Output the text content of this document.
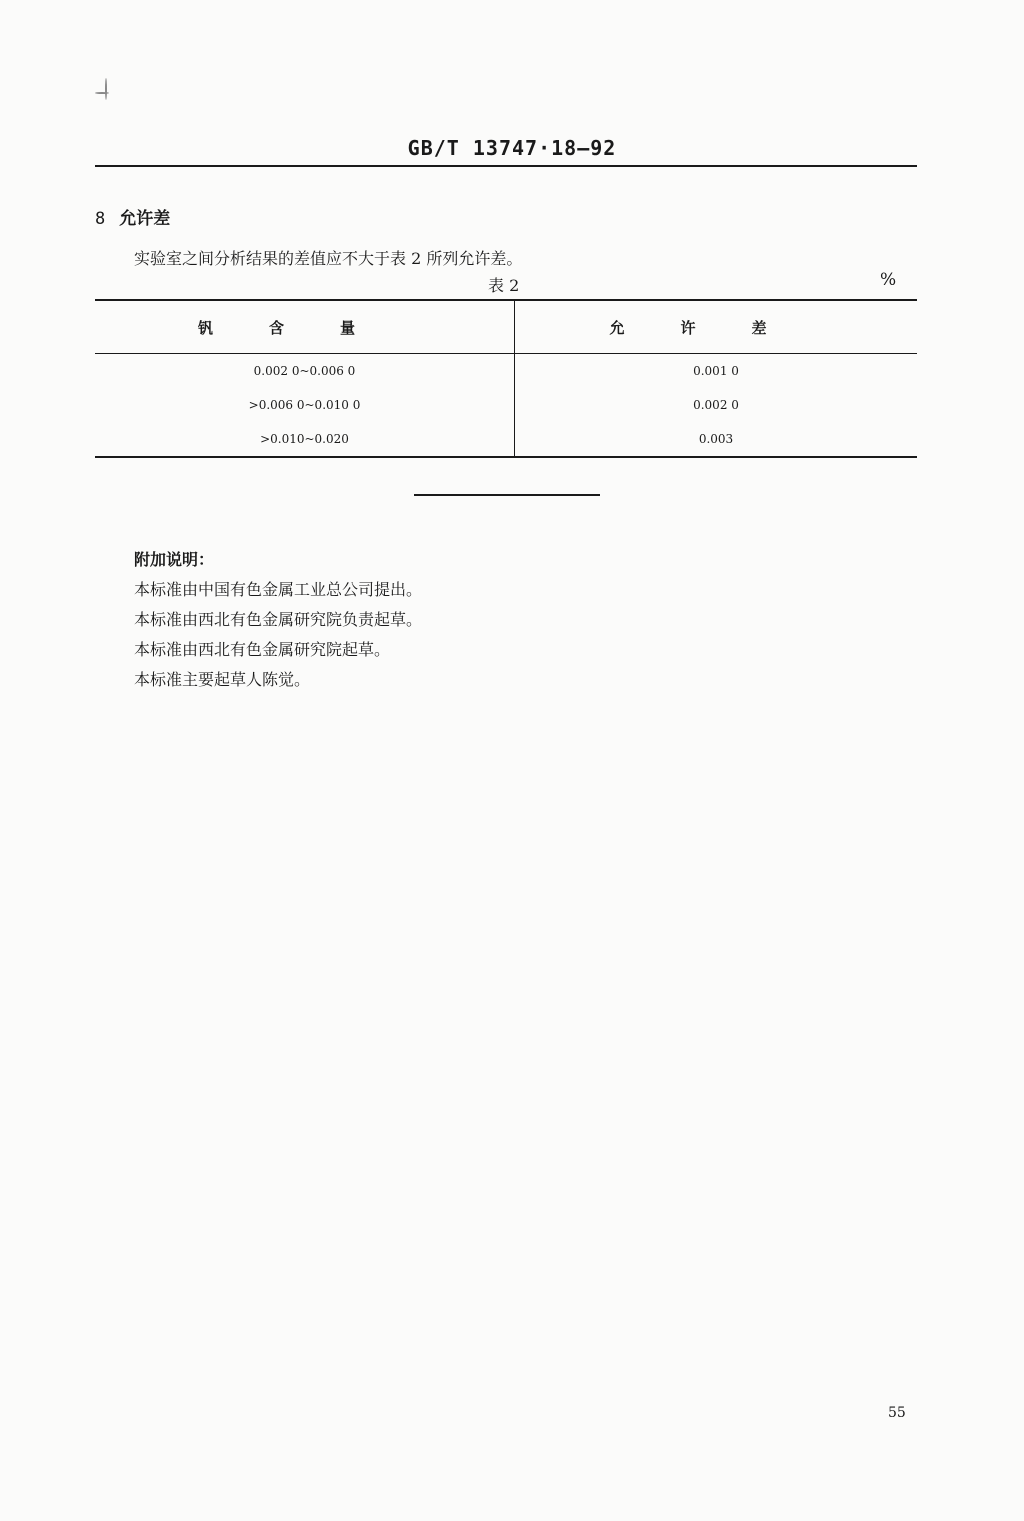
GB/T 13747·18—92
8 允许差
实验室之间分析结果的差值应不大于表 2 所列允许差。
表 2	%
钒含量	允许差
0.002 0~0.006 0	0.001 0
>0.006 0~0.010 0	0.002 0
>0.010~0.020	0.003
附加说明：
本标准由中国有色金属工业总公司提出。
本标准由西北有色金属研究院负责起草。
本标准由西北有色金属研究院起草。
本标准主要起草人陈觉。
55
